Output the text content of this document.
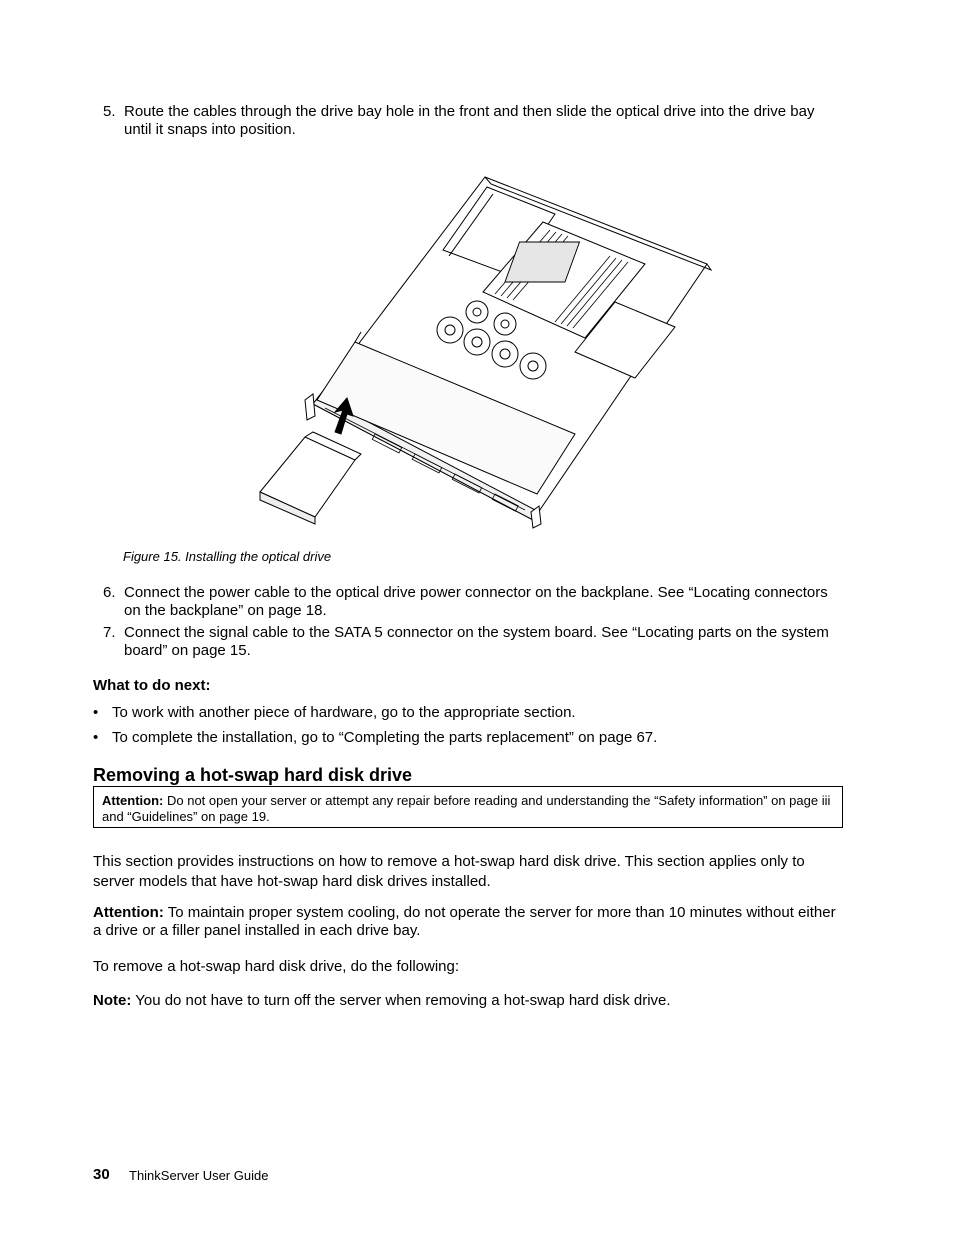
5. Route the cables through the drive bay hole in the front and then slide the optical drive into the drive bay until it snaps into position.
Figure 15. Installing the optical drive
6. Connect the power cable to the optical drive power connector on the backplane. See “Locating connectors on the backplane” on page 18.
7. Connect the signal cable to the SATA 5 connector on the system board. See “Locating parts on the system board” on page 15.
What to do next:
• To work with another piece of hardware, go to the appropriate section.
• To complete the installation, go to “Completing the parts replacement” on page 67.
Removing a hot-swap hard disk drive
Attention: Do not open your server or attempt any repair before reading and understanding the “Safety information” on page iii and “Guidelines” on page 19.
This section provides instructions on how to remove a hot-swap hard disk drive. This section applies only to server models that have hot-swap hard disk drives installed.
Attention: To maintain proper system cooling, do not operate the server for more than 10 minutes without either a drive or a filler panel installed in each drive bay.
To remove a hot-swap hard disk drive, do the following:
Note: You do not have to turn off the server when removing a hot-swap hard disk drive.
30 ThinkServer User Guide
